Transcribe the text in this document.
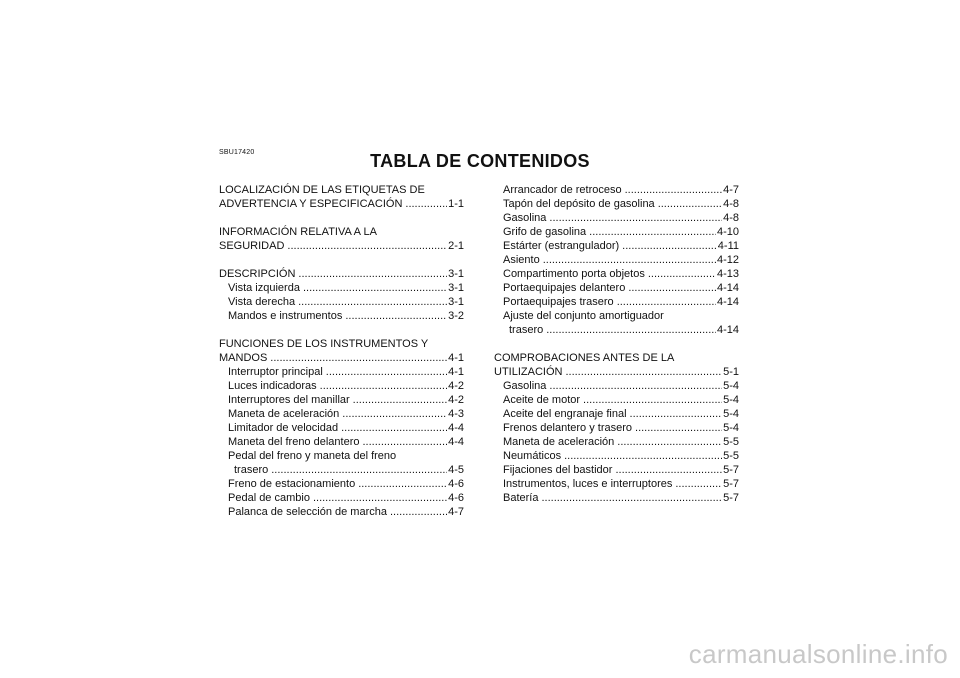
SBU17420	TABLA DE CONTENIDOS
LOCALIZACIÓN DE LAS ETIQUETAS DE
ADVERTENCIA Y ESPECIFICACIÓN .....	1-1
INFORMACIÓN RELATIVA A LA
SEGURIDAD .....	2-1
DESCRIPCIÓN .....	3-1
Vista izquierda .....	3-1
Vista derecha .....	3-1
Mandos e instrumentos .....	3-2
FUNCIONES DE LOS INSTRUMENTOS Y
MANDOS .....	4-1
Interruptor principal .....	4-1
Luces indicadoras .....	4-2
Interruptores del manillar .....	4-2
Maneta de aceleración .....	4-3
Limitador de velocidad .....	4-4
Maneta del freno delantero .....	4-4
Pedal del freno y maneta del freno
trasero .....	4-5
Freno de estacionamiento .....	4-6
Pedal de cambio .....	4-6
Palanca de selección de marcha .....	4-7
Arrancador de retroceso .....	4-7
Tapón del depósito de gasolina .....	4-8
Gasolina .....	4-8
Grifo de gasolina .....	4-10
Estárter (estrangulador) .....	4-11
Asiento .....	4-12
Compartimento porta objetos .....	4-13
Portaequipajes delantero .....	4-14
Portaequipajes trasero .....	4-14
Ajuste del conjunto amortiguador
trasero .....	4-14
COMPROBACIONES ANTES DE LA
UTILIZACIÓN .....	5-1
Gasolina .....	5-4
Aceite de motor .....	5-4
Aceite del engranaje final .....	5-4
Frenos delantero y trasero .....	5-4
Maneta de aceleración .....	5-5
Neumáticos .....	5-5
Fijaciones del bastidor .....	5-7
Instrumentos, luces e interruptores .....	5-7
Batería .....	5-7
carmanualsonline.info
